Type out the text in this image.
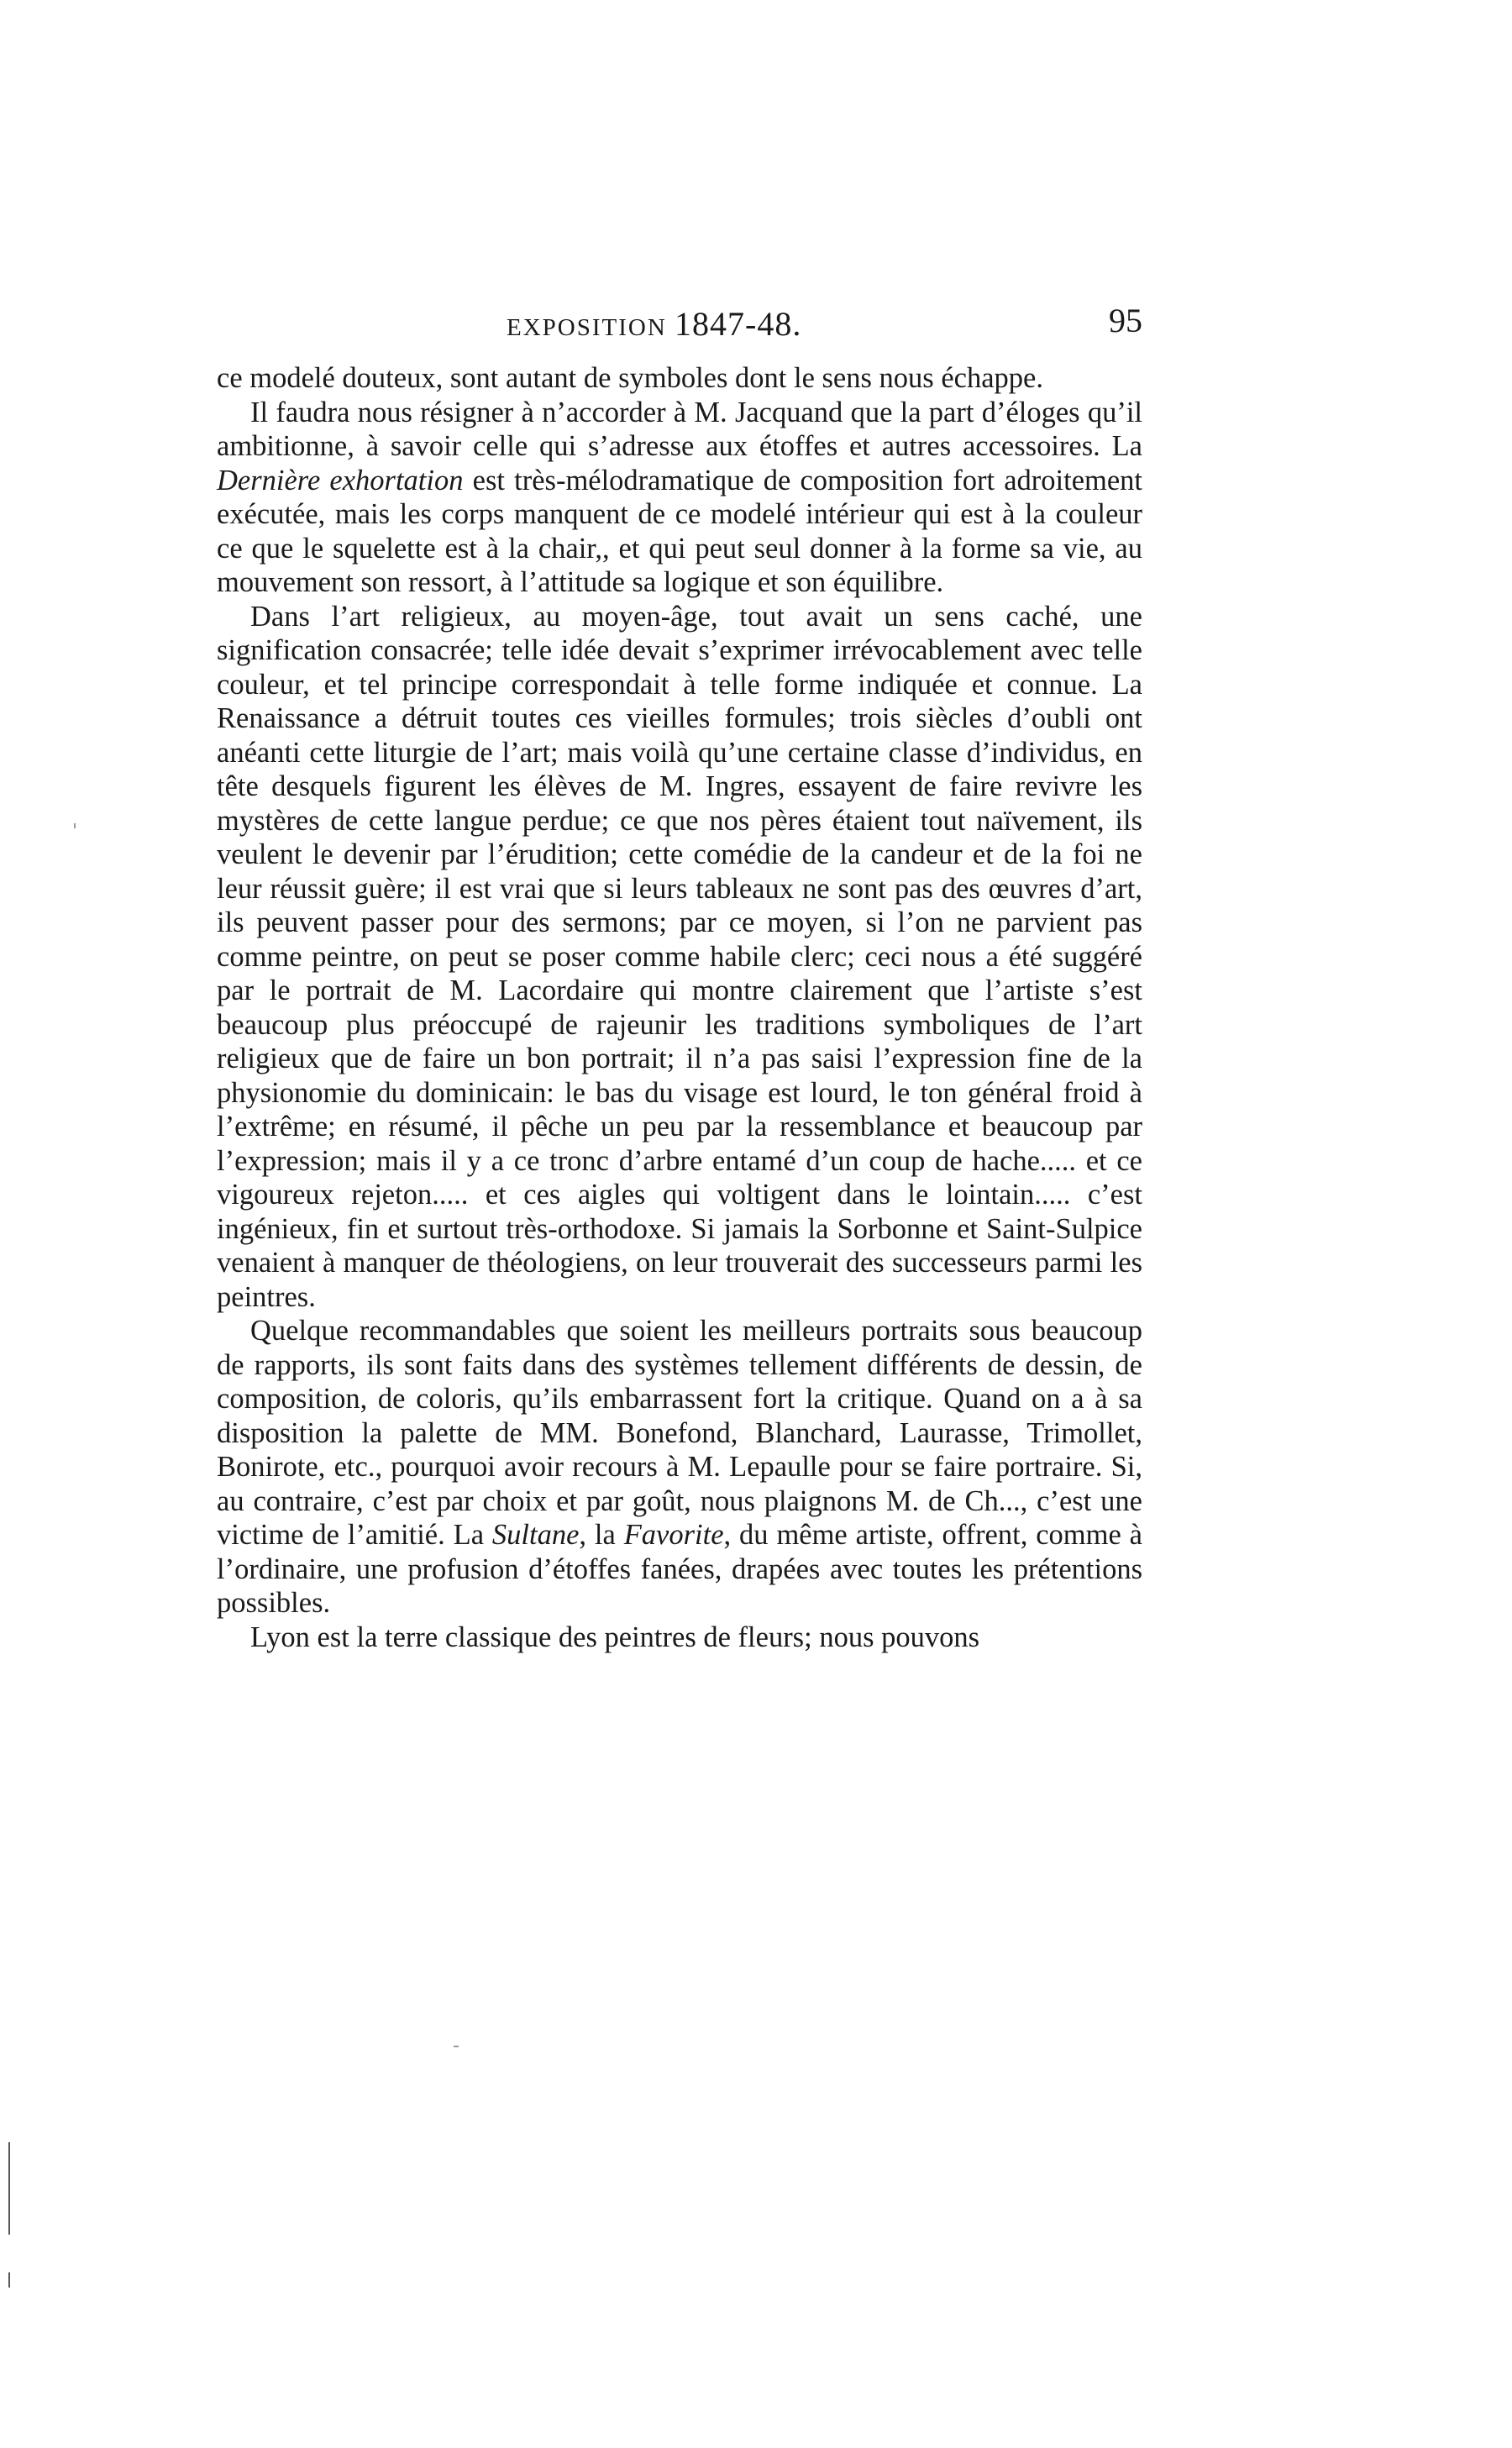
EXPOSITION 1847-48.	95

ce modelé douteux, sont autant de symboles dont le sens nous échappe.

Il faudra nous résigner à n’accorder à M. Jacquand que la part d’éloges qu’il ambitionne, à savoir celle qui s’adresse aux étoffes et autres accessoires. La Dernière exhortation est très-mélodramatique de composition fort adroitement exécutée, mais les corps manquent de ce modelé intérieur qui est à la couleur ce que le squelette est à la chair,, et qui peut seul donner à la forme sa vie, au mouvement son ressort, à l’attitude sa logique et son équilibre.

Dans l’art religieux, au moyen-âge, tout avait un sens caché, une signification consacrée; telle idée devait s’exprimer irrévocablement avec telle couleur, et tel principe correspondait à telle forme indiquée et connue. La Renaissance a détruit toutes ces vieilles formules; trois siècles d’oubli ont anéanti cette liturgie de l’art; mais voilà qu’une certaine classe d’individus, en tête desquels figurent les élèves de M. Ingres, essayent de faire revivre les mystères de cette langue perdue; ce que nos pères étaient tout naïvement, ils veulent le devenir par l’érudition; cette comédie de la candeur et de la foi ne leur réussit guère; il est vrai que si leurs tableaux ne sont pas des œuvres d’art, ils peuvent passer pour des sermons; par ce moyen, si l’on ne parvient pas comme peintre, on peut se poser comme habile clerc; ceci nous a été suggéré par le portrait de M. Lacordaire qui montre clairement que l’artiste s’est beaucoup plus préoccupé de rajeunir les traditions symboliques de l’art religieux que de faire un bon portrait; il n’a pas saisi l’expression fine de la physionomie du dominicain: le bas du visage est lourd, le ton général froid à l’extrême; en résumé, il pêche un peu par la ressemblance et beaucoup par l’expression; mais il y a ce tronc d’arbre entamé d’un coup de hache..... et ce vigoureux rejeton..... et ces aigles qui voltigent dans le lointain..... c’est ingénieux, fin et surtout très-orthodoxe. Si jamais la Sorbonne et Saint-Sulpice venaient à manquer de théologiens, on leur trouverait des successeurs parmi les peintres.

Quelque recommandables que soient les meilleurs portraits sous beaucoup de rapports, ils sont faits dans des systèmes tellement différents de dessin, de composition, de coloris, qu’ils embarrassent fort la critique. Quand on a à sa disposition la palette de MM. Bonefond, Blanchard, Laurasse, Trimollet, Bonirote, etc., pourquoi avoir recours à M. Lepaulle pour se faire portraire. Si, au contraire, c’est par choix et par goût, nous plaignons M. de Ch..., c’est une victime de l’amitié. La Sultane, la Favorite, du même artiste, offrent, comme à l’ordinaire, une profusion d’étoffes fanées, drapées avec toutes les prétentions possibles.

Lyon est la terre classique des peintres de fleurs; nous pouvons
